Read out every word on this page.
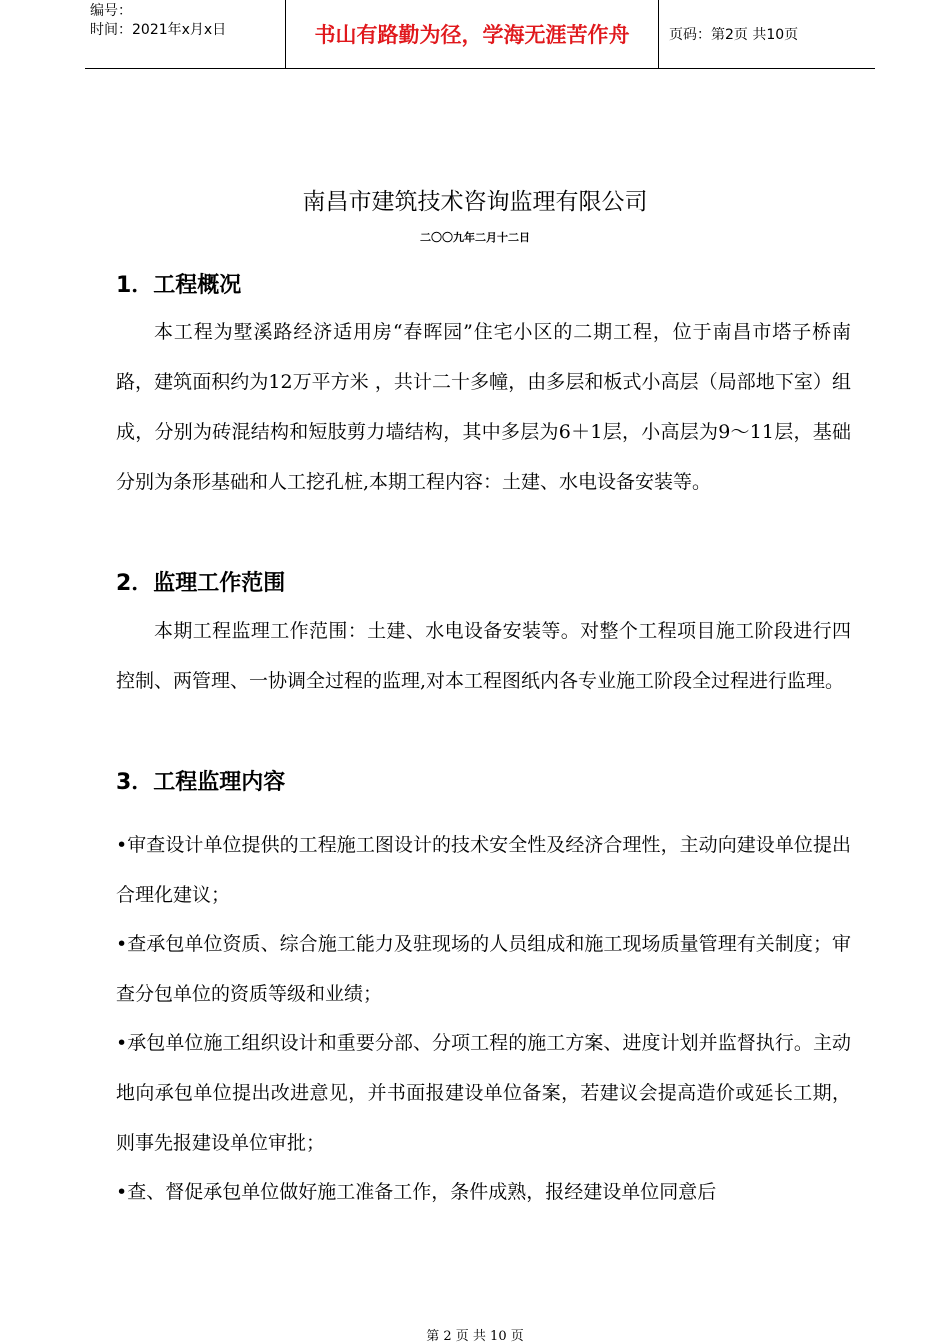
编号：
时间：2021年x月x日	书山有路勤为径，学海无涯苦作舟	页码：第2页 共10页
南昌市建筑技术咨询监理有限公司
二〇〇九年二月十二日
1．工程概况
本工程为墅溪路经济适用房“春晖园”住宅小区的二期工程，位于南昌市塔子桥南路，建筑面积约为12万平方米 ，共计二十多幢，由多层和板式小高层（局部地下室）组成，分别为砖混结构和短肢剪力墙结构，其中多层为6＋1层，小高层为9～11层，基础分别为条形基础和人工挖孔桩,本期工程内容：土建、水电设备安装等。
2．监理工作范围
本期工程监理工作范围：土建、水电设备安装等。对整个工程项目施工阶段进行四控制、两管理、一协调全过程的监理,对本工程图纸内各专业施工阶段全过程进行监理。
3．工程监理内容
•审查设计单位提供的工程施工图设计的技术安全性及经济合理性，主动向建设单位提出合理化建议；
•查承包单位资质、综合施工能力及驻现场的人员组成和施工现场质量管理有关制度；审查分包单位的资质等级和业绩；
•承包单位施工组织设计和重要分部、分项工程的施工方案、进度计划并监督执行。主动地向承包单位提出改进意见，并书面报建设单位备案，若建议会提高造价或延长工期，则事先报建设单位审批；
•查、督促承包单位做好施工准备工作，条件成熟，报经建设单位同意后
第 2 页 共 10 页
